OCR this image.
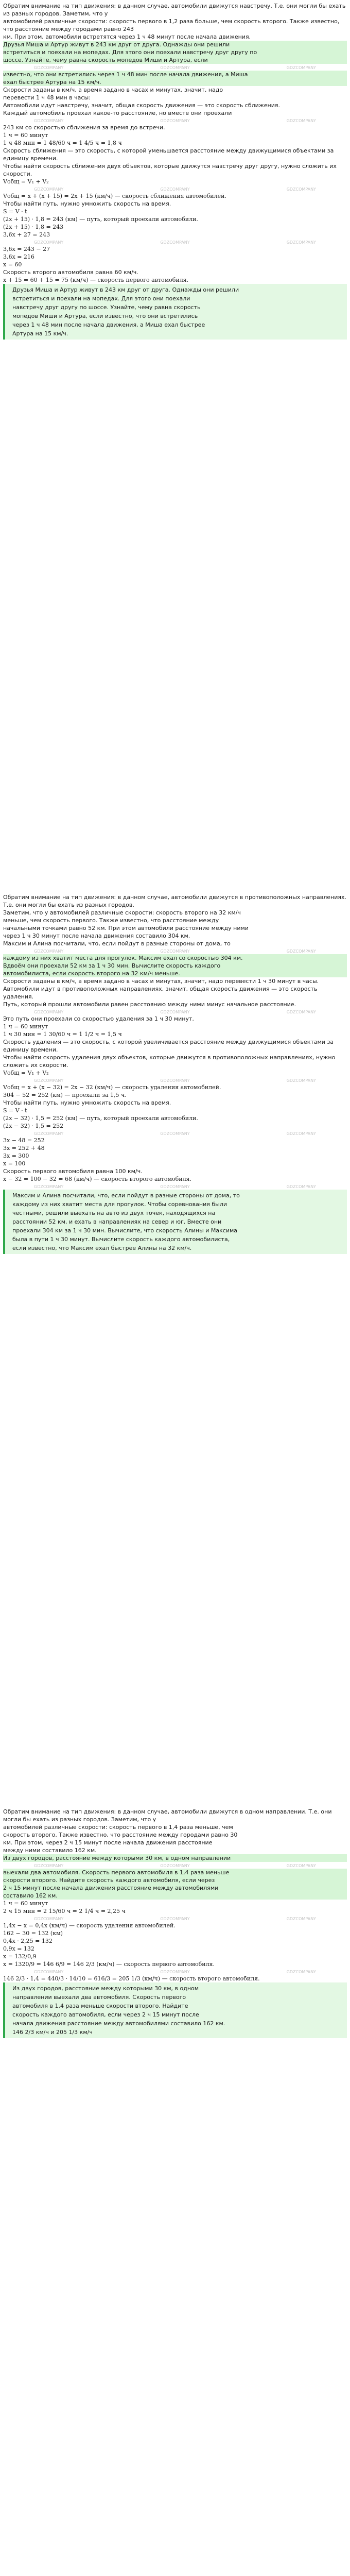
Обратим внимание на тип движения: в данном случае, автомобили движутся навстречу. Т.е. они могли бы ехать из разных городов. Заметим, что у
автомобилей различные скорости: скорость первого в 1,2 раза больше, чем скорость второго. Также известно, что расстояние между городами равно 243
км. При этом, автомобили встретятся через 1 ч 48 минут после начала движения.
Друзья Миша и Артур живут в 243 км друг от друга. Однажды они решили
встретиться и поехали на мопедах. Для этого они поехали навстречу друг другу по
шоссе. Узнайте, чему равна скорость мопедов Миши и Артура, если
GDZCOMPANY	GDZCOMPANY	GDZCOMPANY
известно, что они встретились через 1 ч 48 мин после начала движения, а Миша
ехал быстрее Артура на 15 км/ч.
Скорости заданы в км/ч, а время задано в часах и минутах, значит, надо
перевести 1 ч 48 мин в часы:
Автомобили идут навстречу, значит, общая скорость движения — это скорость сближения.
Каждый автомобиль проехал какое-то расстояние, но вместе они проехали
GDZCOMPANY	GDZCOMPANY	GDZCOMPANY
243 км со скоростью сближения за время до встречи.
1 ч = 60 минут
1 ч 48 мин = 1 48/60 ч = 1 4/5 ч = 1,8 ч
Скорость сближения — это скорость, с которой уменьшается расстояние между движущимися объектами за единицу времени.
Чтобы найти скорость сближения двух объектов, которые движутся навстречу друг другу, нужно сложить их скорости.
Vобщ = V₁ + V₂
GDZCOMPANY	GDZCOMPANY	GDZCOMPANY
Vобщ = x + (x + 15) = 2x + 15 (км/ч) — скорость сближения автомобилей.
Чтобы найти путь, нужно умножить скорость на время.
S = V · t
(2x + 15) · 1,8 = 243 (км) — путь, который проехали автомобили.
(2x + 15) · 1,8 = 243
3,6x + 27 = 243
GDZCOMPANY	GDZCOMPANY	GDZCOMPANY
3,6x = 243 − 27
3,6x = 216
x = 60
Скорость второго автомобиля равна 60 км/ч.
x + 15 = 60 + 15 = 75 (км/ч) — скорость первого автомобиля.
Друзья Миша и Артур живут в 243 км друг от друга. Однажды они решили
встретиться и поехали на мопедах. Для этого они поехали
навстречу друг другу по шоссе. Узнайте, чему равна скорость
мопедов Миши и Артура, если известно, что они встретились
через 1 ч 48 мин после начала движения, а Миша ехал быстрее
Артура на 15 км/ч.
Обратим внимание на тип движения: в данном случае, автомобили движутся в противоположных направлениях. Т.е. они могли бы ехать из разных городов.
Заметим, что у автомобилей различные скорости: скорость второго на 32 км/ч
меньше, чем скорость первого. Также известно, что расстояние между
начальными точками равно 52 км. При этом автомобили расстояние между ними
через 1 ч 30 минут после начала движения составило 304 км.
Максим и Алина посчитали, что, если пойдут в разные стороны от дома, то
GDZCOMPANY	GDZCOMPANY	GDZCOMPANY
каждому из них хватит места для прогулок. Максим ехал со скоростью 304 км.
Вдвоём они проехали 52 км за 1 ч 30 мин. Вычислите скорость каждого
автомобилиста, если скорость второго на 32 км/ч меньше.
Скорости заданы в км/ч, а время задано в часах и минутах, значит, надо перевести 1 ч 30 минут в часы.
Автомобили идут в противоположных направлениях, значит, общая скорость движения — это скорость удаления.
Путь, который прошли автомобили равен расстоянию между ними минус начальное расстояние.
GDZCOMPANY	GDZCOMPANY	GDZCOMPANY
Это путь они проехали со скоростью удаления за 1 ч 30 минут.
1 ч = 60 минут
1 ч 30 мин = 1 30/60 ч = 1 1/2 ч = 1,5 ч
Скорость удаления — это скорость, с которой увеличивается расстояние между движущимися объектами за единицу времени.
Чтобы найти скорость удаления двух объектов, которые движутся в противоположных направлениях, нужно сложить их скорости.
Vобщ = V₁ + V₂
GDZCOMPANY	GDZCOMPANY	GDZCOMPANY
Vобщ = x + (x − 32) = 2x − 32 (км/ч) — скорость удаления автомобилей.
304 − 52 = 252 (км) — проехали за 1,5 ч.
Чтобы найти путь, нужно умножить скорость на время.
S = V · t
(2x − 32) · 1,5 = 252 (км) — путь, который проехали автомобили.
(2x − 32) · 1,5 = 252
GDZCOMPANY	GDZCOMPANY	GDZCOMPANY
3x − 48 = 252
3x = 252 + 48
3x = 300
x = 100
Скорость первого автомобиля равна 100 км/ч.
x − 32 = 100 − 32 = 68 (км/ч) — скорость второго автомобиля.
GDZCOMPANY	GDZCOMPANY	GDZCOMPANY
Максим и Алина посчитали, что, если пойдут в разные стороны от дома, то
каждому из них хватит места для прогулок. Чтобы соревнования были
честными, решили выехать на авто из двух точек, находящихся на
расстоянии 52 км, и ехать в направлениях на север и юг. Вместе они
проехали 304 км за 1 ч 30 мин. Вычислите, что скорость Алины и Максима
была в пути 1 ч 30 минут. Вычислите скорость каждого автомобилиста,
если известно, что Максим ехал быстрее Алины на 32 км/ч.
Обратим внимание на тип движения: в данном случае, автомобили движутся в одном направлении. Т.е. они могли бы ехать из разных городов. Заметим, что у
автомобилей различные скорости: скорость первого в 1,4 раза меньше, чем
скорость второго. Также известно, что расстояние между городами равно 30
км. При этом, через 2 ч 15 минут после начала движения расстояние
между ними составило 162 км.
Из двух городов, расстояние между которыми 30 км, в одном направлении
GDZCOMPANY	GDZCOMPANY	GDZCOMPANY
выехали два автомобиля. Скорость первого автомобиля в 1,4 раза меньше
скорости второго. Найдите скорость каждого автомобиля, если через
2 ч 15 минут после начала движения расстояние между автомобилями
составило 162 км.
1 ч = 60 минут
2 ч 15 мин = 2 15/60 ч = 2 1/4 ч = 2,25 ч
GDZCOMPANY	GDZCOMPANY	GDZCOMPANY
1,4x − x = 0,4x (км/ч) — скорость удаления автомобилей.
162 − 30 = 132 (км)
0,4x · 2,25 = 132
0,9x = 132
x = 132/0,9
x = 1320/9 = 146 6/9 = 146 2/3 (км/ч) — скорость первого автомобиля.
GDZCOMPANY	GDZCOMPANY	GDZCOMPANY
146 2/3 · 1,4 = 440/3 · 14/10 = 616/3 = 205 1/3 (км/ч) — скорость второго автомобиля.
Из двух городов, расстояние между которыми 30 км, в одном
направлении выехали два автомобиля. Скорость первого
автомобиля в 1,4 раза меньше скорости второго. Найдите
скорость каждого автомобиля, если через 2 ч 15 минут после
начала движения расстояние между автомобилями составило 162 км.
146 2/3 км/ч и 205 1/3 км/ч
